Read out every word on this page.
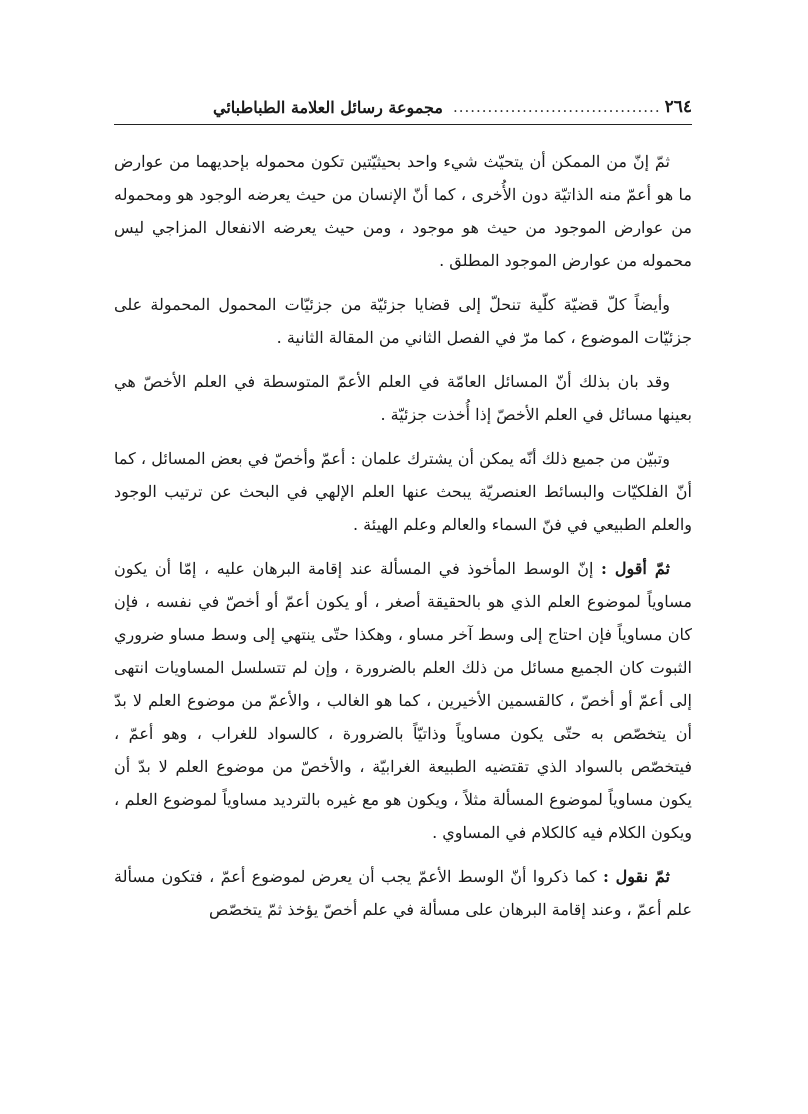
٢٦٤
....................................
مجموعة رسائل العلامة الطباطبائي

ثمّ إنّ من الممكن أن يتحيّث شيء واحد بحيثيّتين تكون محموله بإحديهما من عوارض ما هو أعمّ منه الذاتيّة دون الأُخرى ، كما أنّ الإنسان من حيث يعرضه الوجود هو ومحموله من عوارض الموجود من حيث هو موجود ، ومن حيث يعرضه الانفعال المزاجي ليس محموله من عوارض الموجود المطلق .

وأيضاً كلّ قضيّة كلّية تنحلّ إلى قضايا جزئيّة من جزئيّات المحمول المحمولة على جزئيّات الموضوع ، كما مرّ في الفصل الثاني من المقالة الثانية .

وقد بان بذلك أنّ المسائل العامّة في العلم الأعمّ المتوسطة في العلم الأخصّ هي بعينها مسائل في العلم الأخصّ إذا أُخذت جزئيّة .

وتبيّن من جميع ذلك أنّه يمكن أن يشترك علمان : أعمّ وأخصّ في بعض المسائل ، كما أنّ الفلكيّات والبسائط العنصريّة يبحث عنها العلم الإلهي في البحث عن ترتيب الوجود والعلم الطبيعي في فنّ السماء والعالم وعلم الهيئة .

ثمّ أقول : إنّ الوسط المأخوذ في المسألة عند إقامة البرهان عليه ، إمّا أن يكون مساوياً لموضوع العلم الذي هو بالحقيقة أصغر ، أو يكون أعمّ أو أخصّ في نفسه ، فإن كان مساوياً فإن احتاج إلى وسط آخر مساو ، وهكذا حتّى ينتهي إلى وسط مساو ضروري الثبوت كان الجميع مسائل من ذلك العلم بالضرورة ، وإن لم تتسلسل المساويات انتهى إلى أعمّ أو أخصّ ، كالقسمين الأخيرين ، كما هو الغالب ، والأعمّ من موضوع العلم لا بدّ أن يتخصّص به حتّى يكون مساوياً وذاتيّاً بالضرورة ، كالسواد للغراب ، وهو أعمّ ، فيتخصّص بالسواد الذي تقتضيه الطبيعة الغرابيّة ، والأخصّ من موضوع العلم لا بدّ أن يكون مساوياً لموضوع المسألة مثلاً ، ويكون هو مع غيره بالترديد مساوياً لموضوع العلم ، ويكون الكلام فيه كالكلام في المساوي .

ثمّ نقول : كما ذكروا أنّ الوسط الأعمّ يجب أن يعرض لموضوع أعمّ ، فتكون مسألة علم أعمّ ، وعند إقامة البرهان على مسألة في علم أخصّ يؤخذ ثمّ يتخصّص
